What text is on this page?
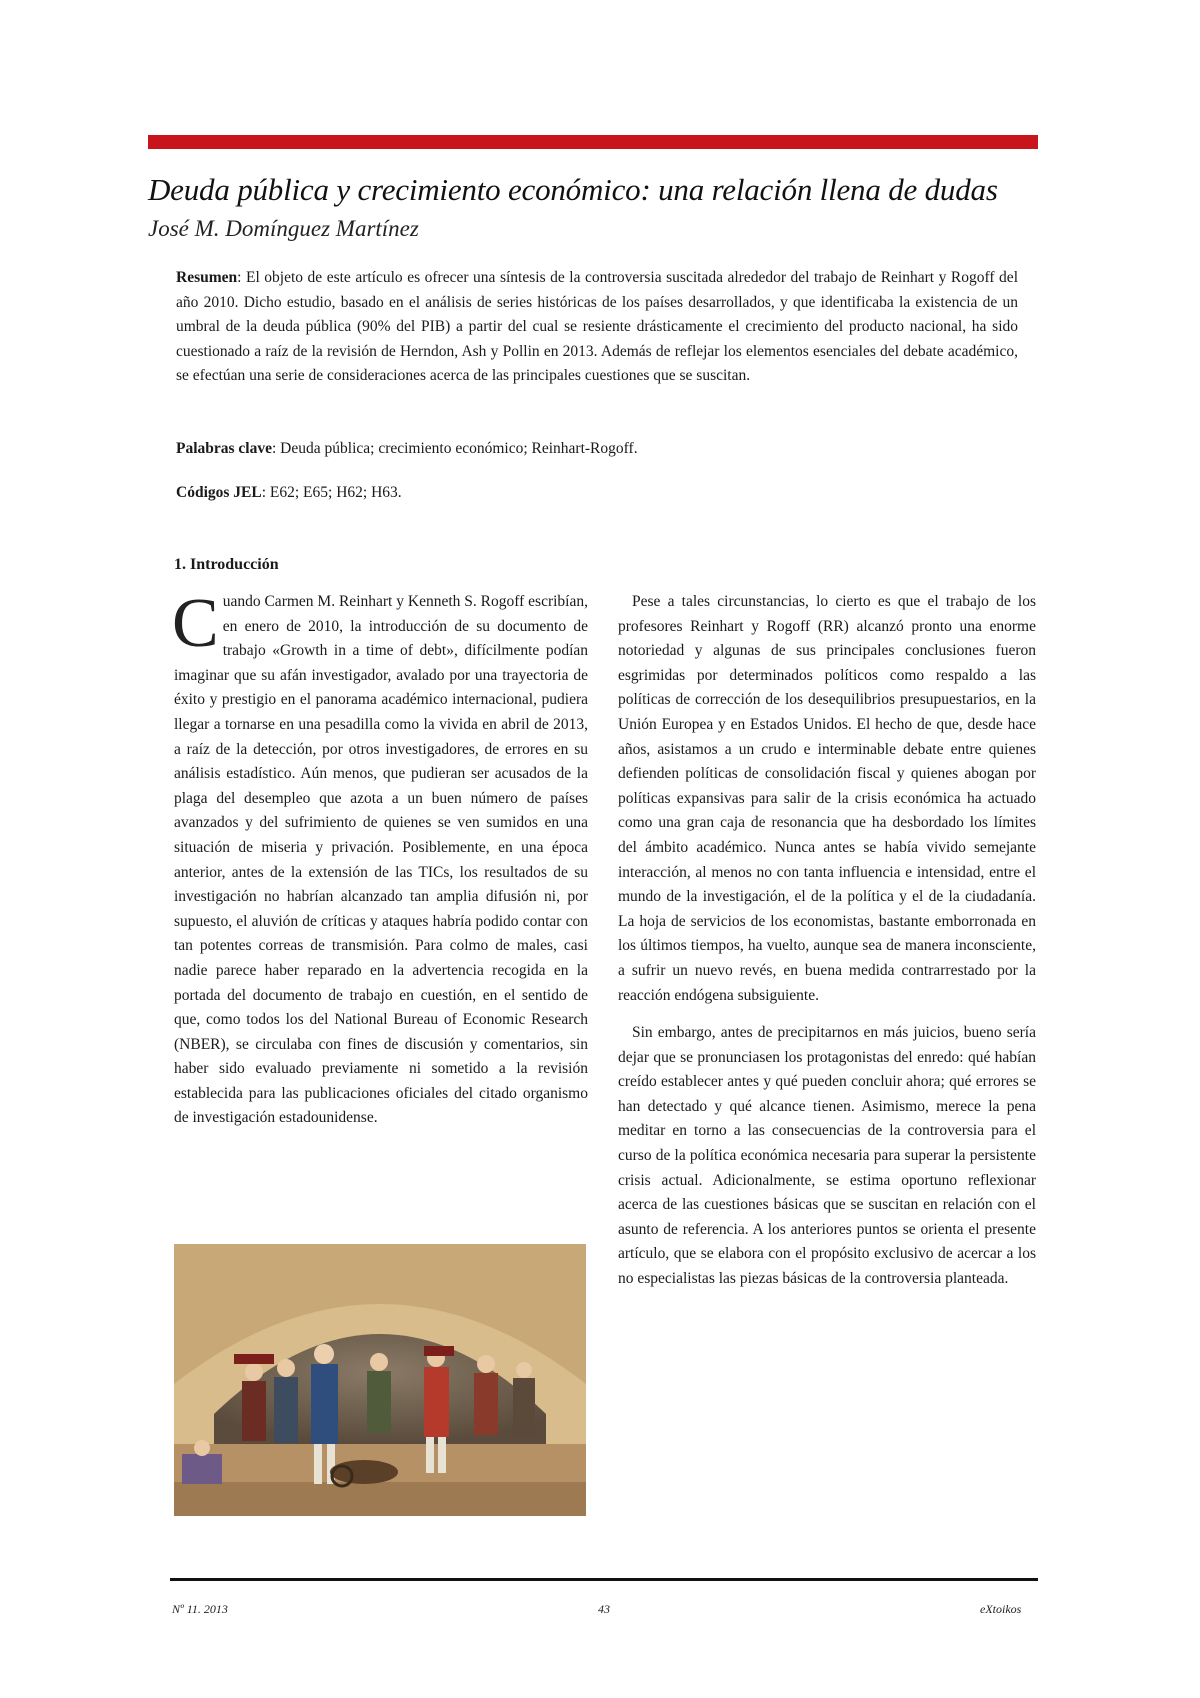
Deuda pública y crecimiento económico: una relación llena de dudas

José M. Domínguez Martínez

Resumen: El objeto de este artículo es ofrecer una síntesis de la controversia suscitada alrededor del trabajo de Reinhart y Rogoff del año 2010. Dicho estudio, basado en el análisis de series históricas de los países desarrollados, y que identificaba la existencia de un umbral de la deuda pública (90% del PIB) a partir del cual se resiente drásticamente el crecimiento del producto nacional, ha sido cuestionado a raíz de la revisión de Herndon, Ash y Pollin en 2013. Además de reflejar los elementos esenciales del debate académico, se efectúan una serie de consideraciones acerca de las principales cuestiones que se suscitan.

Palabras clave: Deuda pública; crecimiento económico; Reinhart-Rogoff.

Códigos JEL: E62; E65; H62; H63.

1. Introducción

Cuando Carmen M. Reinhart y Kenneth S. Rogoff escribían, en enero de 2010, la introducción de su documento de trabajo «Growth in a time of debt», difícilmente podían imaginar que su afán investigador, avalado por una trayectoria de éxito y prestigio en el panorama académico internacional, pudiera llegar a tornarse en una pesadilla como la vivida en abril de 2013, a raíz de la detección, por otros investigadores, de errores en su análisis estadístico. Aún menos, que pudieran ser acusados de la plaga del desempleo que azota a un buen número de países avanzados y del sufrimiento de quienes se ven sumidos en una situación de miseria y privación. Posiblemente, en una época anterior, antes de la extensión de las TICs, los resultados de su investigación no habrían alcanzado tan amplia difusión ni, por supuesto, el aluvión de críticas y ataques habría podido contar con tan potentes correas de transmisión. Para colmo de males, casi nadie parece haber reparado en la advertencia recogida en la portada del documento de trabajo en cuestión, en el sentido de que, como todos los del National Bureau of Economic Research (NBER), se circulaba con fines de discusión y comentarios, sin haber sido evaluado previamente ni sometido a la revisión establecida para las publicaciones oficiales del citado organismo de investigación estadounidense.

Pese a tales circunstancias, lo cierto es que el trabajo de los profesores Reinhart y Rogoff (RR) alcanzó pronto una enorme notoriedad y algunas de sus principales conclusiones fueron esgrimidas por determinados políticos como respaldo a las políticas de corrección de los desequilibrios presupuestarios, en la Unión Europea y en Estados Unidos. El hecho de que, desde hace años, asistamos a un crudo e interminable debate entre quienes defienden políticas de consolidación fiscal y quienes abogan por políticas expansivas para salir de la crisis económica ha actuado como una gran caja de resonancia que ha desbordado los límites del ámbito académico. Nunca antes se había vivido semejante interacción, al menos no con tanta influencia e intensidad, entre el mundo de la investigación, el de la política y el de la ciudadanía. La hoja de servicios de los economistas, bastante emborronada en los últimos tiempos, ha vuelto, aunque sea de manera inconsciente, a sufrir un nuevo revés, en buena medida contrarrestado por la reacción endógena subsiguiente.

Sin embargo, antes de precipitarnos en más juicios, bueno sería dejar que se pronunciasen los protagonistas del enredo: qué habían creído establecer antes y qué pueden concluir ahora; qué errores se han detectado y qué alcance tienen. Asimismo, merece la pena meditar en torno a las consecuencias de la controversia para el curso de la política económica necesaria para superar la persistente crisis actual. Adicionalmente, se estima oportuno reflexionar acerca de las cuestiones básicas que se suscitan en relación con el asunto de referencia. A los anteriores puntos se orienta el presente artículo, que se elabora con el propósito exclusivo de acercar a los no especialistas las piezas básicas de la controversia planteada.

Nº 11. 2013	43	eXtoikos
